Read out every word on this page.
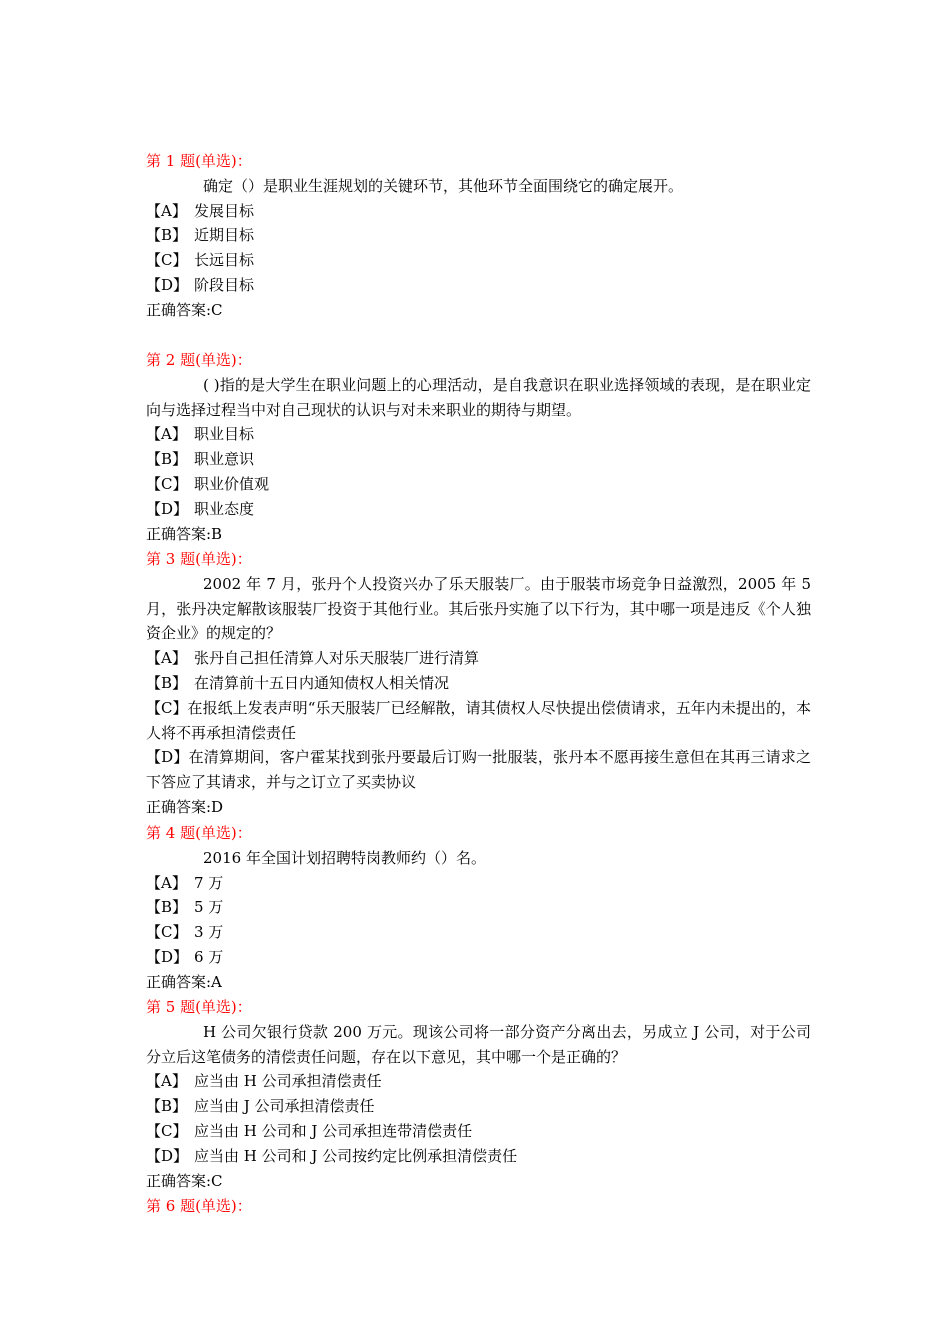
第 1 题(单选)：
确定（）是职业生涯规划的关键环节，其他环节全面围绕它的确定展开。
【A】 发展目标
【B】 近期目标
【C】 长远目标
【D】 阶段目标
正确答案:C
第 2 题(单选)：
( )指的是大学生在职业问题上的心理活动，是自我意识在职业选择领域的表现，是在职业定向与选择过程当中对自己现状的认识与对未来职业的期待与期望。
【A】 职业目标
【B】 职业意识
【C】 职业价值观
【D】 职业态度
正确答案:B
第 3 题(单选)：
2002 年 7 月，张丹个人投资兴办了乐天服装厂。由于服装市场竞争日益激烈，2005 年 5 月，张丹决定解散该服装厂投资于其他行业。其后张丹实施了以下行为，其中哪一项是违反《个人独资企业》的规定的？
【A】 张丹自己担任清算人对乐天服装厂进行清算
【B】 在清算前十五日内通知债权人相关情况
【C】在报纸上发表声明“乐天服装厂已经解散，请其债权人尽快提出偿债请求，五年内未提出的，本人将不再承担清偿责任
【D】在清算期间，客户霍某找到张丹要最后订购一批服装，张丹本不愿再接生意但在其再三请求之下答应了其请求，并与之订立了买卖协议
正确答案:D
第 4 题(单选)：
2016 年全国计划招聘特岗教师约（）名。
【A】 7 万
【B】 5 万
【C】 3 万
【D】 6 万
正确答案:A
第 5 题(单选)：
H 公司欠银行贷款 200 万元。现该公司将一部分资产分离出去，另成立 J 公司，对于公司分立后这笔债务的清偿责任问题，存在以下意见，其中哪一个是正确的？
【A】 应当由 H 公司承担清偿责任
【B】 应当由 J 公司承担清偿责任
【C】 应当由 H 公司和 J 公司承担连带清偿责任
【D】 应当由 H 公司和 J 公司按约定比例承担清偿责任
正确答案:C
第 6 题(单选)：
